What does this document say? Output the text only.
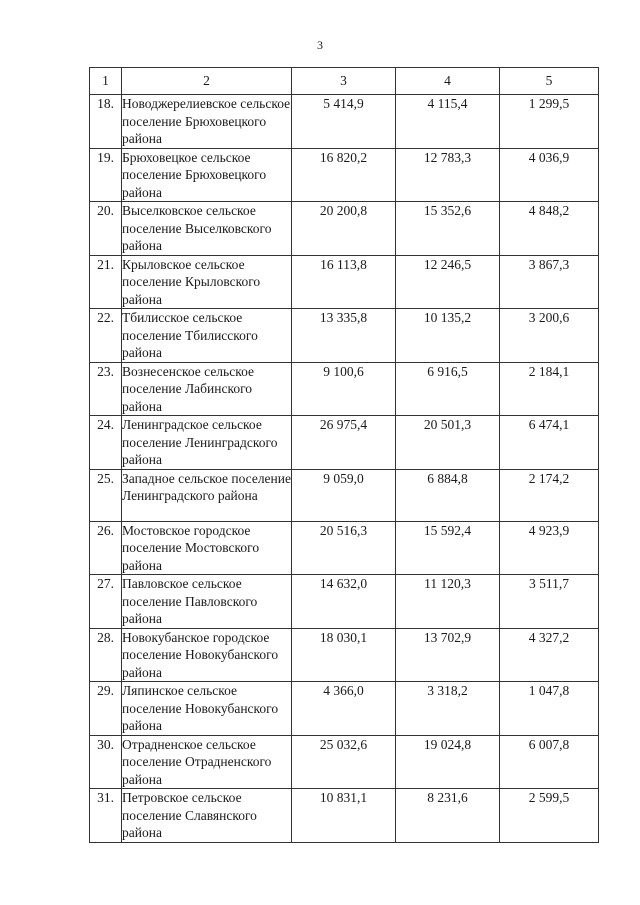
3
1	2	3	4	5
18.	Новоджерелиевское сельское поселение Брюховецкого района	5 414,9	4 115,4	1 299,5
19.	Брюховецкое сельское поселение Брюховецкого района	16 820,2	12 783,3	4 036,9
20.	Выселковское сельское поселение Выселковского района	20 200,8	15 352,6	4 848,2
21.	Крыловское сельское поселение Крыловского района	16 113,8	12 246,5	3 867,3
22.	Тбилисское сельское поселение Тбилисского района	13 335,8	10 135,2	3 200,6
23.	Вознесенское сельское поселение Лабинского района	9 100,6	6 916,5	2 184,1
24.	Ленинградское сельское поселение Ленинградского района	26 975,4	20 501,3	6 474,1
25.	Западное сельское поселение Ленинградского района	9 059,0	6 884,8	2 174,2
26.	Мостовское городское поселение Мостовского района	20 516,3	15 592,4	4 923,9
27.	Павловское сельское поселение Павловского района	14 632,0	11 120,3	3 511,7
28.	Новокубанское городское поселение Новокубанского района	18 030,1	13 702,9	4 327,2
29.	Ляпинское сельское поселение Новокубанского района	4 366,0	3 318,2	1 047,8
30.	Отрадненское сельское поселение Отрадненского района	25 032,6	19 024,8	6 007,8
31.	Петровское сельское поселение Славянского района	10 831,1	8 231,6	2 599,5
